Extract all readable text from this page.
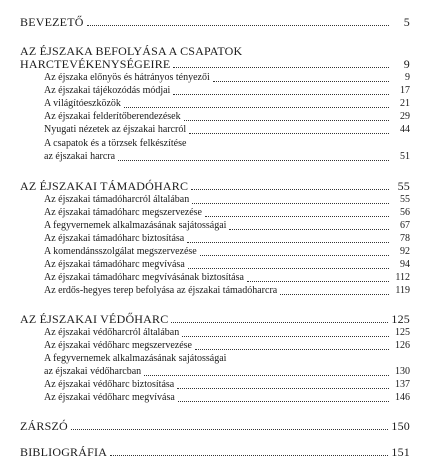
BEVEZETŐ	5
AZ ÉJSZAKA BEFOLYÁSA A CSAPATOK
HARCTEVÉKENYSÉGEIRE	9
Az éjszaka előnyös és hátrányos tényezői	9
Az éjszakai tájékozódás módjai	17
A világítóeszközök	21
Az éjszakai felderítőberendezések	29
Nyugati nézetek az éjszakai harcról	44
A csapatok és a törzsek felkészítése
az éjszakai harcra	51
AZ ÉJSZAKAI TÁMADÓHARC	55
Az éjszakai támadóharcról általában	55
Az éjszakai támadóharc megszervezése	56
A fegyvernemek alkalmazásának sajátosságai	67
Az éjszakai támadóharc biztosítása	78
A komendánsszolgálat megszervezése	92
Az éjszakai támadóharc megvívása	94
Az éjszakai támadóharc megvívásának biztosítása	112
Az erdős-hegyes terep befolyása az éjszakai támadóharcra	119
AZ ÉJSZAKAI VÉDŐHARC	125
Az éjszakai védőharcról általában	125
Az éjszakai védőharc megszervezése	126
A fegyvernemek alkalmazásának sajátosságai
az éjszakai védőharcban	130
Az éjszakai védőharc biztosítása	137
Az éjszakai védőharc megvívása	146
ZÁRSZÓ	150
BIBLIOGRÁFIA	151
